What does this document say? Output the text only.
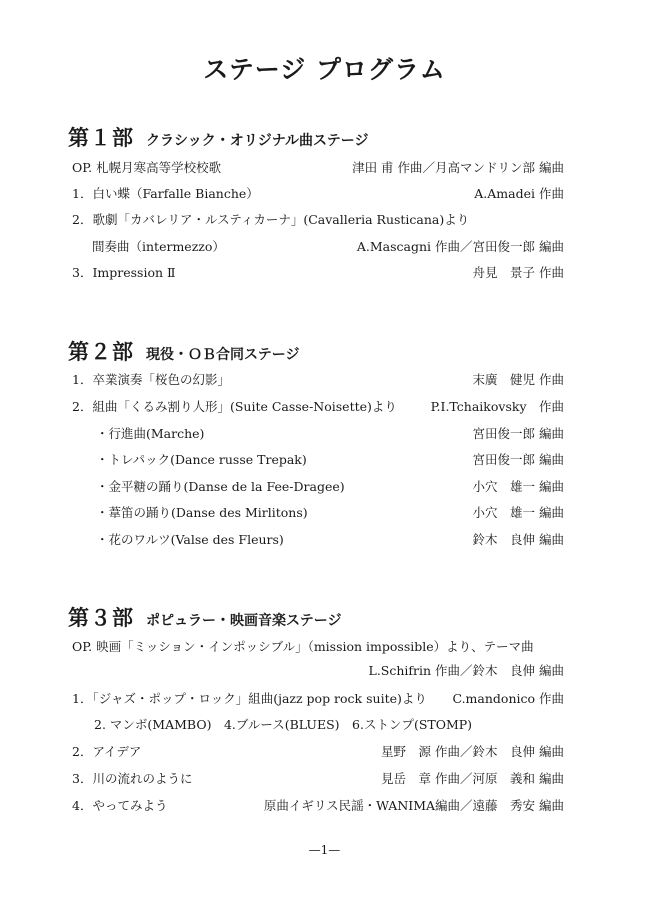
ステージ プログラム
第１部 クラシック・オリジナル曲ステージ
OP. 札幌月寒高等学校校歌	津田 甫 作曲／月高マンドリン部 編曲
1．白い蝶（Farfalle Bianche）	A.Amadei 作曲
2．歌劇「カバレリア・ルスティカーナ」(Cavalleria Rusticana)より
間奏曲（intermezzo）	A.Mascagni 作曲／宮田俊一郎 編曲
3．Impression Ⅱ	舟見　景子 作曲
第２部 現役・ＯＢ合同ステージ
1．卒業演奏「桜色の幻影」	末廣　健児 作曲
2．組曲「くるみ割り人形」(Suite Casse-Noisette)より	P.I.Tchaikovsky　作曲
・行進曲(Marche)	宮田俊一郎 編曲
・トレパック(Dance russe Trepak)	宮田俊一郎 編曲
・金平糖の踊り(Danse de la Fee-Dragee)	小穴　雄一 編曲
・葦笛の踊り(Danse des Mirlitons)	小穴　雄一 編曲
・花のワルツ(Valse des Fleurs)	鈴木　良伸 編曲
第３部 ポピュラー・映画音楽ステージ
OP. 映画「ミッション・インポッシブル」（mission impossible）より、テーマ曲
L.Schifrin 作曲／鈴木　良伸 編曲
1．「ジャズ・ポップ・ロック」組曲(jazz pop rock suite)より C.mandonico 作曲
2. マンボ(MAMBO)　4.ブルース(BLUES)　6.ストンプ(STOMP)
2．アイデア	星野　源 作曲／鈴木　良伸 編曲
3．川の流れのように	見岳　章 作曲／河原　義和 編曲
4．やってみよう	原曲イギリス民謡・WANIMA編曲／遠藤　秀安 編曲
—1—
